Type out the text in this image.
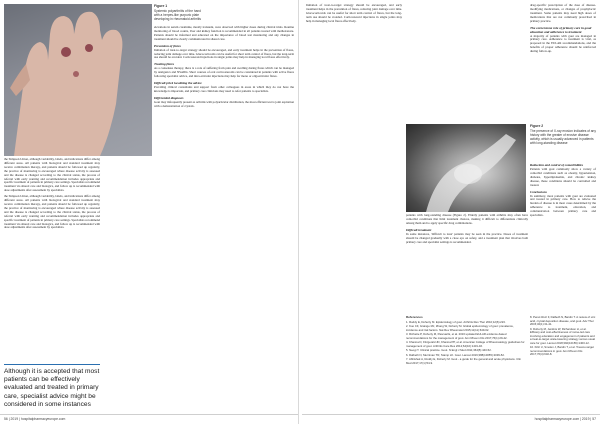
Figure 1
Systemic polyarthritis of the hand with a herpes-like purpuric plate developing in rheumatoid arthritis

the Simpson Union, although variability, labels, and indications differ among different areas. All patients with biological and standard treatment may receive combination therapy, and patients should be followed up regularly, the practice of monitoring is encouraged where disease activity is assessed and the disease is changed according to the clinical status, the process of referral with early warning and recommendation includes appropriate and specific treatment of patients in primary care settings. Specialists recommend treatment via shared care and biologics, and follow up is recommended with dose adjustments after assessment by specialists.

the Simpson Union, although variability, labels, and indications differ among different areas. All patients with biological and standard treatment may receive combination therapy, and patients should be followed up regularly, the practice of monitoring is encouraged where disease activity is assessed and the disease is changed according to the clinical status, the process of referral with early warning and recommendation includes appropriate and specific treatment of patients in primary care settings. Specialists recommend treatment via shared care and biologics, and follow up is recommended with dose adjustments after assessment by specialists.

Although it is accepted that most patients can be effectively evaluated and treated in primary care, specialist advice might be considered in some instances

elevations in serum creatinine, mostly transient, were observed with higher doses during clinical trials. Routine monitoring of blood counts, liver and kidney function is recommended in all patients treated with methotrexate. Patients should be informed and educated on the importance of blood test monitoring and any changes in treatment should be clearly communicated in shared care.

Prevention of flares

Initiation of treat-to-target strategy should be encouraged, and early treatment helps in the prevention of flares, reducing joint damage over time. Glucocorticoids can be useful for short term control of flares, but the long-term use should be avoided. Corticosteroid injections in single joints may help in managing local flares effectively.

Treating flares

As a consensus therapy, there is a role of suffering from pain and swelling during flares which can be managed by analgesics and NSAIDs. Short courses of oral corticosteroids can be considered in patients with active flares following specialist advice, and intra-articular injections may help for mono or oligoarticular flares.

Difficult prick localizing the advice

Providing clinical consultants and support from other colleagues in areas in which they do not have the knowledge is important, and primary care clinicians may need to refer patients to specialists.

Differential diagnosis

Gout may infrequently present as arthritis with polyarticular distribution, the most efficient test is joint aspiration with a demonstration of crystals.

56 | 2019 | hospitalpharmacyeurope.com

Initiation of treat-to-target strategy should be encouraged, and early treatment helps in the prevention of flares, reducing joint damage over time. Glucocorticoids can be useful for short term control of flares, but the long-term use should be avoided. Corticosteroid injections in single joints may help in managing local flares effectively.

Figure 2
The presence of X-ray erosion indicates of any history with the greater of erosive disease activity, which is usually advanced in patients with long-standing disease

patients with long-standing disease (Figure 2). Elderly patients with arthritis may often have comorbid conditions that limit treatment choices, making it difficult to differentiate clinically among them and to apply specific drug combinations.

Difficult treatment

In some instances, 'difficult to treat' patients may be seen in the practice. Doses of treatment should be changed gradually with a close eye on safety, and a treatment plan that involves both primary care and specialist settings is recommended.

References
1. Roddy E, Doherty M. Epidemiology of gout. Arthritis Res Ther 2010;12(6):223.
2. Kuo CF, Grainge MJ, Zhang W, Doherty M. Global epidemiology of gout: prevalence, incidence and risk factors. Nat Rev Rheumatol 2015;11(11):649-62.
3. Richette P, Doherty M, Pascual E, et al. 2016 updated EULAR evidence-based recommendations for the management of gout. Ann Rheum Dis 2017;76(1):29-42.
4. Khanna D, Fitzgerald JD, Khanna PP, et al. American College of Rheumatology guidelines for management of gout. Arthritis Care Res 2012;64(10):1431-46.
5. Neogi T. Clinical practice. Gout. N Engl J Med 2011;364(5):443-52.
6. Dalbeth N, Merriman TR, Stamp LK. Gout. Lancet 2016;388(10055):2039-52.
7. Abhishek A, Roddy E, Doherty M. Gout - a guide for the general and acute physicians. Clin Med 2017;17(1):54-9.
8. Perez-Ruiz F, Dalbeth N, Bardin T. A review of uric acid, crystal deposition disease, and gout. Adv Ther 2015;32(1):31-41.
9. Doherty M, Jenkins W, Richardson H, et al. Efficacy and cost-effectiveness of nurse-led care involving education and engagement of patients and a treat-to-target urate-lowering strategy versus usual care for gout. Lancet 2018;392(10156):1403-12.
10. Kiltz U, Smolen J, Bardin T, et al. Treat-to-target recommendations in gout. Ann Rheum Dis 2017;76(4):632-8.

drug-specific prescription of the dose of disease-modifying medications, or changes of prophylactic treatment. Some patients may need high doses of medications that are not commonly prescribed in primary practice.

The cornerstone role of primary care in good education and adherence to treatment

A majority of patients with gout are managed in primary care. Adherence to treatment is vital, as proposed in the EULAR recommendations, and the benefits of proper adherence should be reinforced during follow-up.

Reduction and control of comorbidities

Patients with gout commonly show a variety of comorbid conditions such as obesity, hypertension, diabetes, hyperlipidaemia, and chronic kidney disease, these conditions should be controlled and treated.

Conclusions

In summary, most patients with gout are evaluated and treated in primary care. How to relieve the burden of disease is in most cases determined by the adherence to treatment, education, and communication between primary care and specialists.

hospitalpharmacyeurope.com | 2019 | 57
